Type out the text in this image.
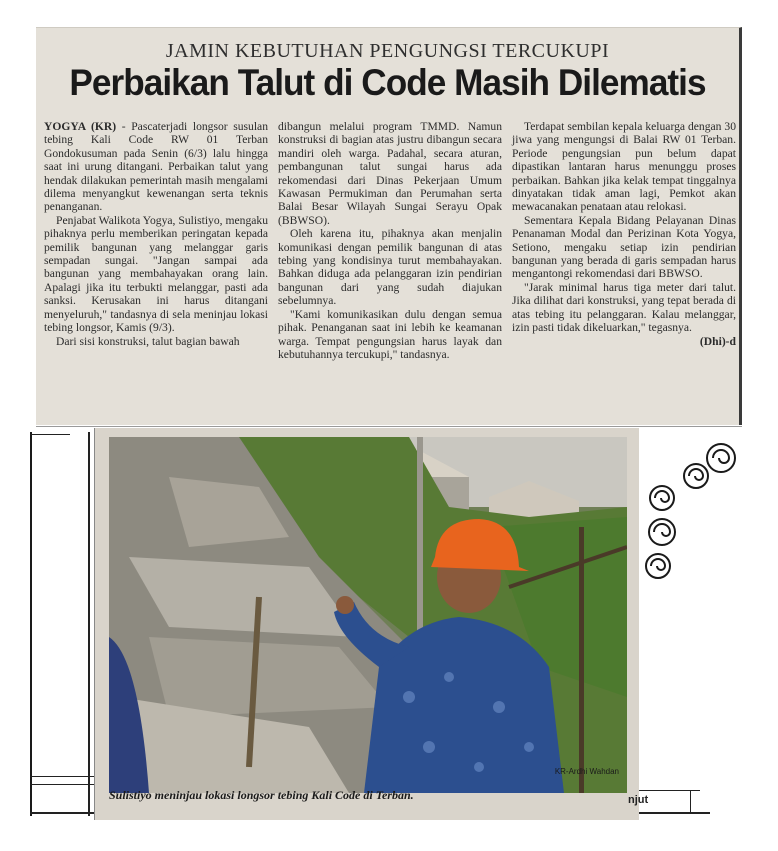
JAMIN KEBUTUHAN PENGUNGSI TERCUKUPI
Perbaikan Talut di Code Masih Dilematis

YOGYA (KR) - Pascaterjadi longsor susulan tebing Kali Code RW 01 Terban Gondokusuman pada Senin (6/3) lalu hingga saat ini urung ditangani. Perbaikan talut yang hendak dilakukan pemerintah masih mengalami dilema menyangkut kewenangan serta teknis penanganan.

Penjabat Walikota Yogya, Sulistiyo, mengaku pihaknya perlu memberikan peringatan kepada pemilik bangunan yang melanggar garis sempadan sungai. "Jangan sampai ada bangunan yang membahayakan orang lain. Apalagi jika itu terbukti melanggar, pasti ada sanksi. Kerusakan ini harus ditangani menyeluruh," tandasnya di sela meninjau lokasi tebing longsor, Kamis (9/3).

Dari sisi konstruksi, talut bagian bawah

dibangun melalui program TMMD. Namun konstruksi di bagian atas justru dibangun secara mandiri oleh warga. Padahal, secara aturan, pembangunan talut sungai harus ada rekomendasi dari Dinas Pekerjaan Umum Kawasan Permukiman dan Perumahan serta Balai Besar Wilayah Sungai Serayu Opak (BBWSO).

Oleh karena itu, pihaknya akan menjalin komunikasi dengan pemilik bangunan di atas tebing yang kondisinya turut membahayakan. Bahkan diduga ada pelanggaran izin pendirian bangunan dari yang sudah diajukan sebelumnya.

"Kami komunikasikan dulu dengan semua pihak. Penanganan saat ini lebih ke keamanan warga. Tempat pengungsian harus layak dan kebutuhannya tercukupi," tandasnya.

Terdapat sembilan kepala keluarga dengan 30 jiwa yang mengungsi di Balai RW 01 Terban. Periode pengungsian pun belum dapat dipastikan lantaran harus menunggu proses perbaikan. Bahkan jika kelak tempat tinggalnya dinyatakan tidak aman lagi, Pemkot akan mewacanakan penataan atau relokasi.

Sementara Kepala Bidang Pelayanan Dinas Penanaman Modal dan Perizinan Kota Yogya, Setiono, mengaku setiap izin pendirian bangunan yang berada di garis sempadan harus mengantongi rekomendasi dari BBWSO.

"Jarak minimal harus tiga meter dari talut. Jika dilihat dari konstruksi, yang tepat berada di atas tebing itu pelanggaran. Kalau melanggar, izin pasti tidak dikeluarkan," tegasnya.
(Dhi)-d

KR-Ardhi Wahdan
Sulistiyo meninjau lokasi longsor tebing Kali Code di Terban.	njut
